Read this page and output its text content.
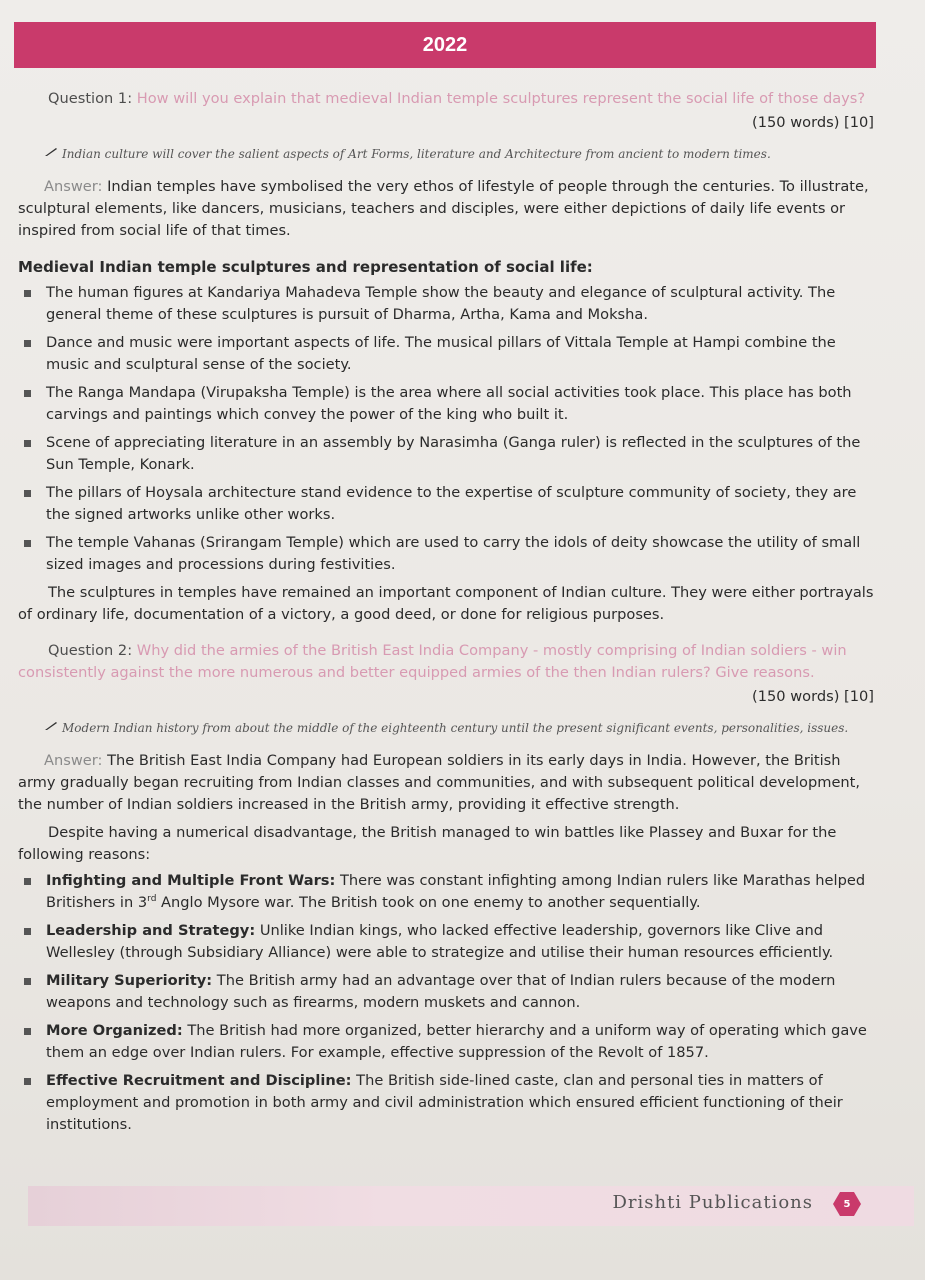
2022

Question 1: How will you explain that medieval Indian temple sculptures represent the social life of those days?

(150 words) [10]
Indian culture will cover the salient aspects of Art Forms, literature and Architecture from ancient to modern times.

Answer: Indian temples have symbolised the very ethos of lifestyle of people through the centuries. To illustrate, sculptural elements, like dancers, musicians, teachers and disciples, were either depictions of daily life events or inspired from social life of that times.

Medieval Indian temple sculptures and representation of social life:
The human figures at Kandariya Mahadeva Temple show the beauty and elegance of sculptural activity. The general theme of these sculptures is pursuit of Dharma, Artha, Kama and Moksha.
Dance and music were important aspects of life. The musical pillars of Vittala Temple at Hampi combine the music and sculptural sense of the society.
The Ranga Mandapa (Virupaksha Temple) is the area where all social activities took place. This place has both carvings and paintings which convey the power of the king who built it.
Scene of appreciating literature in an assembly by Narasimha (Ganga ruler) is reflected in the sculptures of the Sun Temple, Konark.
The pillars of Hoysala architecture stand evidence to the expertise of sculpture community of society, they are the signed artworks unlike other works.
The temple Vahanas (Srirangam Temple) which are used to carry the idols of deity showcase the utility of small sized images and processions during festivities.

The sculptures in temples have remained an important component of Indian culture. They were either portrayals of ordinary life, documentation of a victory, a good deed, or done for religious purposes.

Question 2: Why did the armies of the British East India Company - mostly comprising of Indian soldiers - win consistently against the more numerous and better equipped armies of the then Indian rulers? Give reasons.

(150 words) [10]
Modern Indian history from about the middle of the eighteenth century until the present significant events, personalities, issues.

Answer: The British East India Company had European soldiers in its early days in India. However, the British army gradually began recruiting from Indian classes and communities, and with subsequent political development, the number of Indian soldiers increased in the British army, providing it effective strength.

Despite having a numerical disadvantage, the British managed to win battles like Plassey and Buxar for the following reasons:

Infighting and Multiple Front Wars: There was constant infighting among Indian rulers like Marathas helped Britishers in 3rd Anglo Mysore war. The British took on one enemy to another sequentially.
Leadership and Strategy: Unlike Indian kings, who lacked effective leadership, governors like Clive and Wellesley (through Subsidiary Alliance) were able to strategize and utilise their human resources efficiently.
Military Superiority: The British army had an advantage over that of Indian rulers because of the modern weapons and technology such as firearms, modern muskets and cannon.
More Organized: The British had more organized, better hierarchy and a uniform way of operating which gave them an edge over Indian rulers. For example, effective suppression of the Revolt of 1857.
Effective Recruitment and Discipline: The British side-lined caste, clan and personal ties in matters of employment and promotion in both army and civil administration which ensured efficient functioning of their institutions.
Drishti Publications	5
